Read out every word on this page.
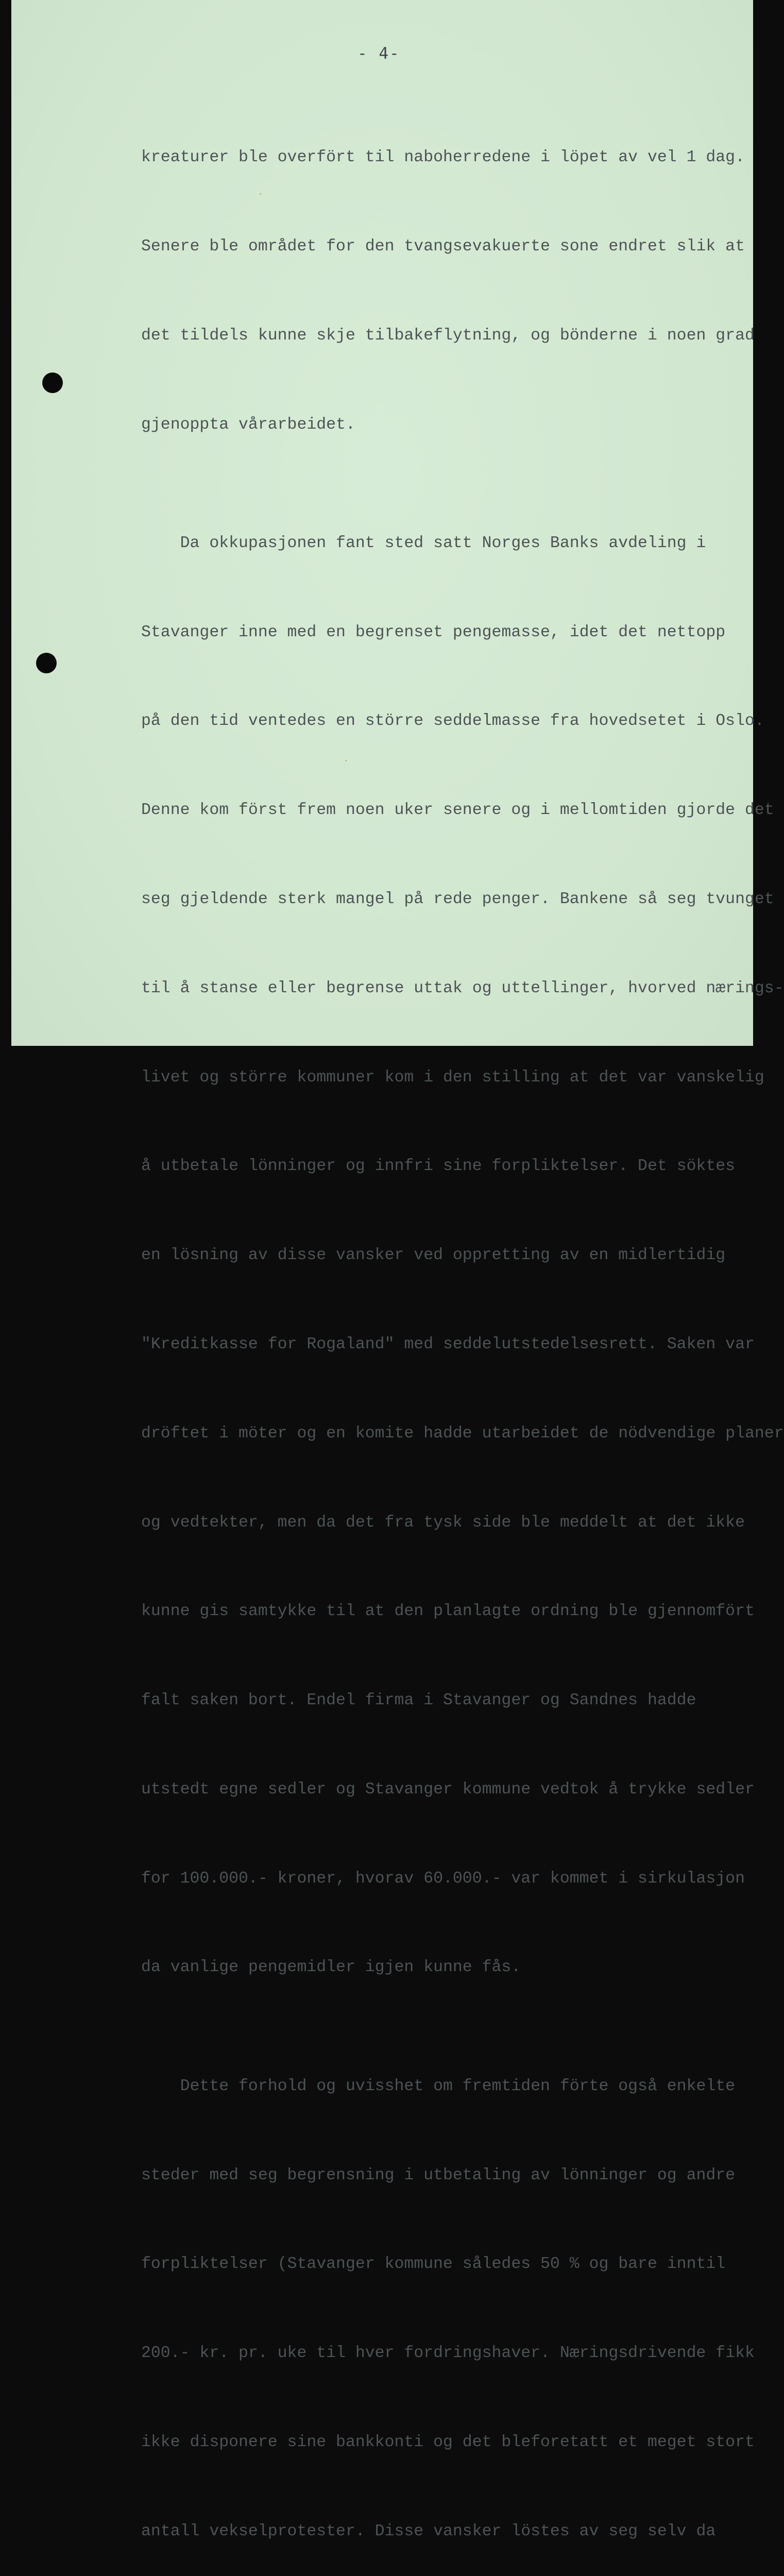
- 4-

kreaturer ble overfört til naboherredene i löpet av vel 1 dag.

Senere ble området for den tvangsevakuerte sone endret slik at

det tildels kunne skje tilbakeflytning, og bönderne i noen grad

gjenoppta vårarbeidet.

Da okkupasjonen fant sted satt Norges Banks avdeling i

Stavanger inne med en begrenset pengemasse, idet det nettopp

på den tid ventedes en större seddelmasse fra hovedsetet i Oslo.

Denne kom först frem noen uker senere og i mellomtiden gjorde det

seg gjeldende sterk mangel på rede penger. Bankene så seg tvunget

til å stanse eller begrense uttak og uttellinger, hvorved nærings-

livet og större kommuner kom i den stilling at det var vanskelig

å utbetale lönninger og innfri sine forpliktelser. Det söktes

en lösning av disse vansker ved oppretting av en midlertidig

"Kreditkasse for Rogaland" med seddelutstedelsesrett. Saken var

dröftet i möter og en komite hadde utarbeidet de nödvendige planer

og vedtekter, men da det fra tysk side ble meddelt at det ikke

kunne gis samtykke til at den planlagte ordning ble gjennomfört

falt saken bort. Endel firma i Stavanger og Sandnes hadde

utstedt egne sedler og Stavanger kommune vedtok å trykke sedler

for 100.000.- kroner, hvorav 60.000.- var kommet i sirkulasjon

da vanlige pengemidler igjen kunne fås.

Dette forhold og uvisshet om fremtiden förte også enkelte

steder med seg begrensning i utbetaling av lönninger og andre

forpliktelser (Stavanger kommune således 50 % og bare inntil

200.- kr. pr. uke til hver fordringshaver. Næringsdrivende fikk

ikke disponere sine bankkonti og det bleforetatt et meget stort

antall vekselprotester. Disse vansker löstes av seg selv da
